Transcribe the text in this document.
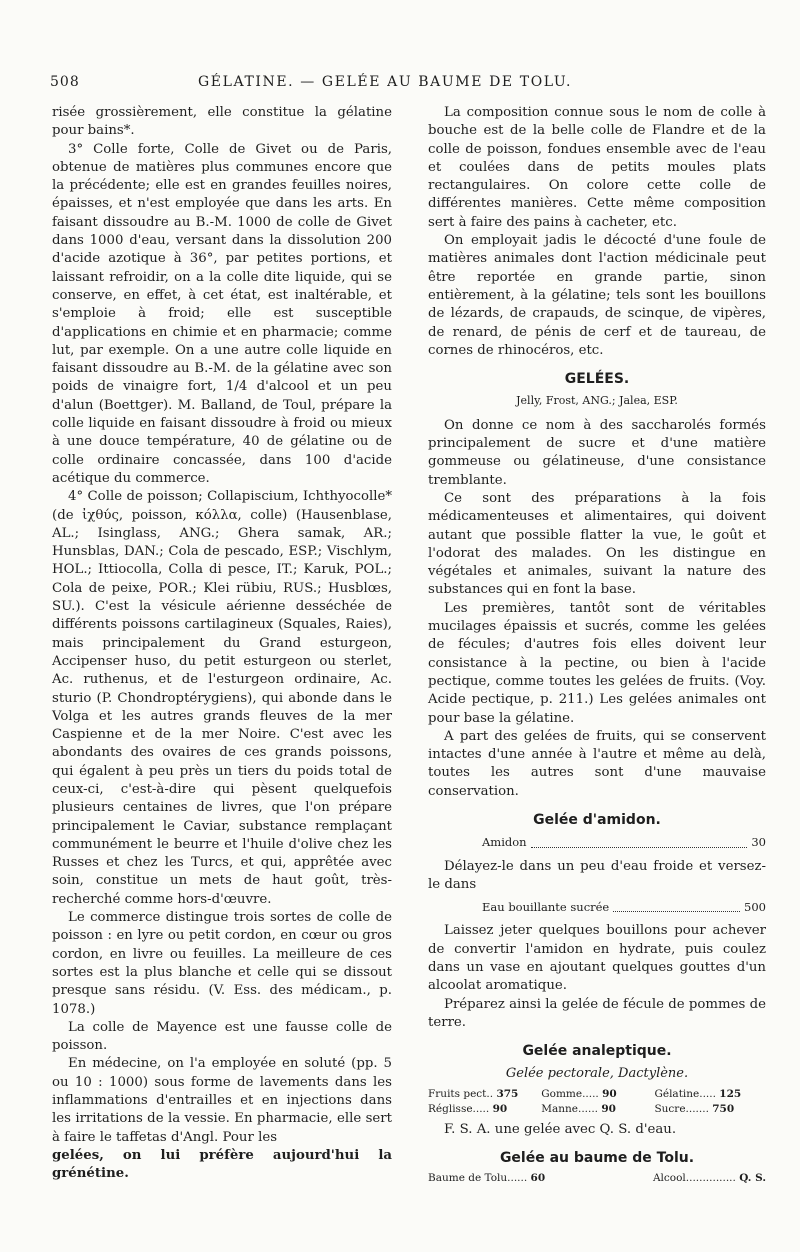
508	GÉLATINE. — GELÉE AU BAUME DE TOLU.

risée grossièrement, elle constitue la gélatine pour bains*.

3° Colle forte, Colle de Givet ou de Paris, obtenue de matières plus communes encore que la précédente; elle est en grandes feuilles noires, épaisses, et n'est employée que dans les arts. En faisant dissoudre au B.-M. 1000 de colle de Givet dans 1000 d'eau, versant dans la dissolution 200 d'acide azotique à 36°, par petites portions, et laissant refroidir, on a la colle dite liquide, qui se conserve, en effet, à cet état, est inaltérable, et s'emploie à froid; elle est susceptible d'applications en chimie et en pharmacie; comme lut, par exemple. On a une autre colle liquide en faisant dissoudre au B.-M. de la gélatine avec son poids de vinaigre fort, 1/4 d'alcool et un peu d'alun (Boettger). M. Balland, de Toul, prépare la colle liquide en faisant dissoudre à froid ou mieux à une douce température, 40 de gélatine ou de colle ordinaire concassée, dans 100 d'acide acétique du commerce.

4° Colle de poisson; Collapiscium, Ichthyocolle* (de ἰχθύς, poisson, κόλλα, colle) (Hausenblase, AL.; Isinglass, ANG.; Ghera samak, AR.; Hunsblas, DAN.; Cola de pescado, ESP.; Vischlym, HOL.; Ittiocolla, Colla di pesce, IT.; Karuk, POL.; Cola de peixe, POR.; Klei rübiu, RUS.; Husblœs, SU.). C'est la vésicule aérienne desséchée de différents poissons cartilagineux (Squales, Raies), mais principalement du Grand esturgeon, Accipenser huso, du petit esturgeon ou sterlet, Ac. ruthenus, et de l'esturgeon ordinaire, Ac. sturio (P. Chondroptérygiens), qui abonde dans le Volga et les autres grands fleuves de la mer Caspienne et de la mer Noire. C'est avec les abondants des ovaires de ces grands poissons, qui égalent à peu près un tiers du poids total de ceux-ci, c'est-à-dire qui pèsent quelquefois plusieurs centaines de livres, que l'on prépare principalement le Caviar, substance remplaçant communément le beurre et l'huile d'olive chez les Russes et chez les Turcs, et qui, apprêtée avec soin, constitue un mets de haut goût, très-recherché comme hors-d'œuvre.

Le commerce distingue trois sortes de colle de poisson : en lyre ou petit cordon, en cœur ou gros cordon, en livre ou feuilles. La meilleure de ces sortes est la plus blanche et celle qui se dissout presque sans résidu. (V. Ess. des médicam., p. 1078.)

La colle de Mayence est une fausse colle de poisson.

En médecine, on l'a employée en soluté (pp. 5 ou 10 : 1000) sous forme de lavements dans les inflammations d'entrailles et en injections dans les irritations de la vessie. En pharmacie, elle sert à faire le taffetas d'Angl. Pour les

gelées, on lui préfère aujourd'hui la grénétine.

La composition connue sous le nom de colle à bouche est de la belle colle de Flandre et de la colle de poisson, fondues ensemble avec de l'eau et coulées dans de petits moules plats rectangulaires. On colore cette colle de différentes manières. Cette même composition sert à faire des pains à cacheter, etc.

On employait jadis le décocté d'une foule de matières animales dont l'action médicinale peut être reportée en grande partie, sinon entièrement, à la gélatine; tels sont les bouillons de lézards, de crapauds, de scinque, de vipères, de renard, de pénis de cerf et de taureau, de cornes de rhinocéros, etc.

GELÉES.
Jelly, Frost, ANG.; Jalea, ESP.

On donne ce nom à des saccharolés formés principalement de sucre et d'une matière gommeuse ou gélatineuse, d'une consistance tremblante.

Ce sont des préparations à la fois médicamenteuses et alimentaires, qui doivent autant que possible flatter la vue, le goût et l'odorat des malades. On les distingue en végétales et animales, suivant la nature des substances qui en font la base.

Les premières, tantôt sont de véritables mucilages épaissis et sucrés, comme les gelées de fécules; d'autres fois elles doivent leur consistance à la pectine, ou bien à l'acide pectique, comme toutes les gelées de fruits. (Voy. Acide pectique, p. 211.) Les gelées animales ont pour base la gélatine.

A part des gelées de fruits, qui se conservent intactes d'une année à l'autre et même au delà, toutes les autres sont d'une mauvaise conservation.

Gelée d'amidon.
Amidon	30

Délayez-le dans un peu d'eau froide et versez-le dans

Eau bouillante sucrée	500

Laissez jeter quelques bouillons pour achever de convertir l'amidon en hydrate, puis coulez dans un vase en ajoutant quelques gouttes d'un alcoolat aromatique.

Préparez ainsi la gelée de fécule de pommes de terre.

Gelée analeptique.
Gelée pectorale, Dactylène.
Fruits pect.. 375	Gomme..... 90	Gélatine..... 125
Réglisse..... 90	Manne...... 90	Sucre....... 750

F. S. A. une gelée avec Q. S. d'eau.

Gelée au baume de Tolu.
Baume de Tolu...... 60	Alcool............... Q. S.
